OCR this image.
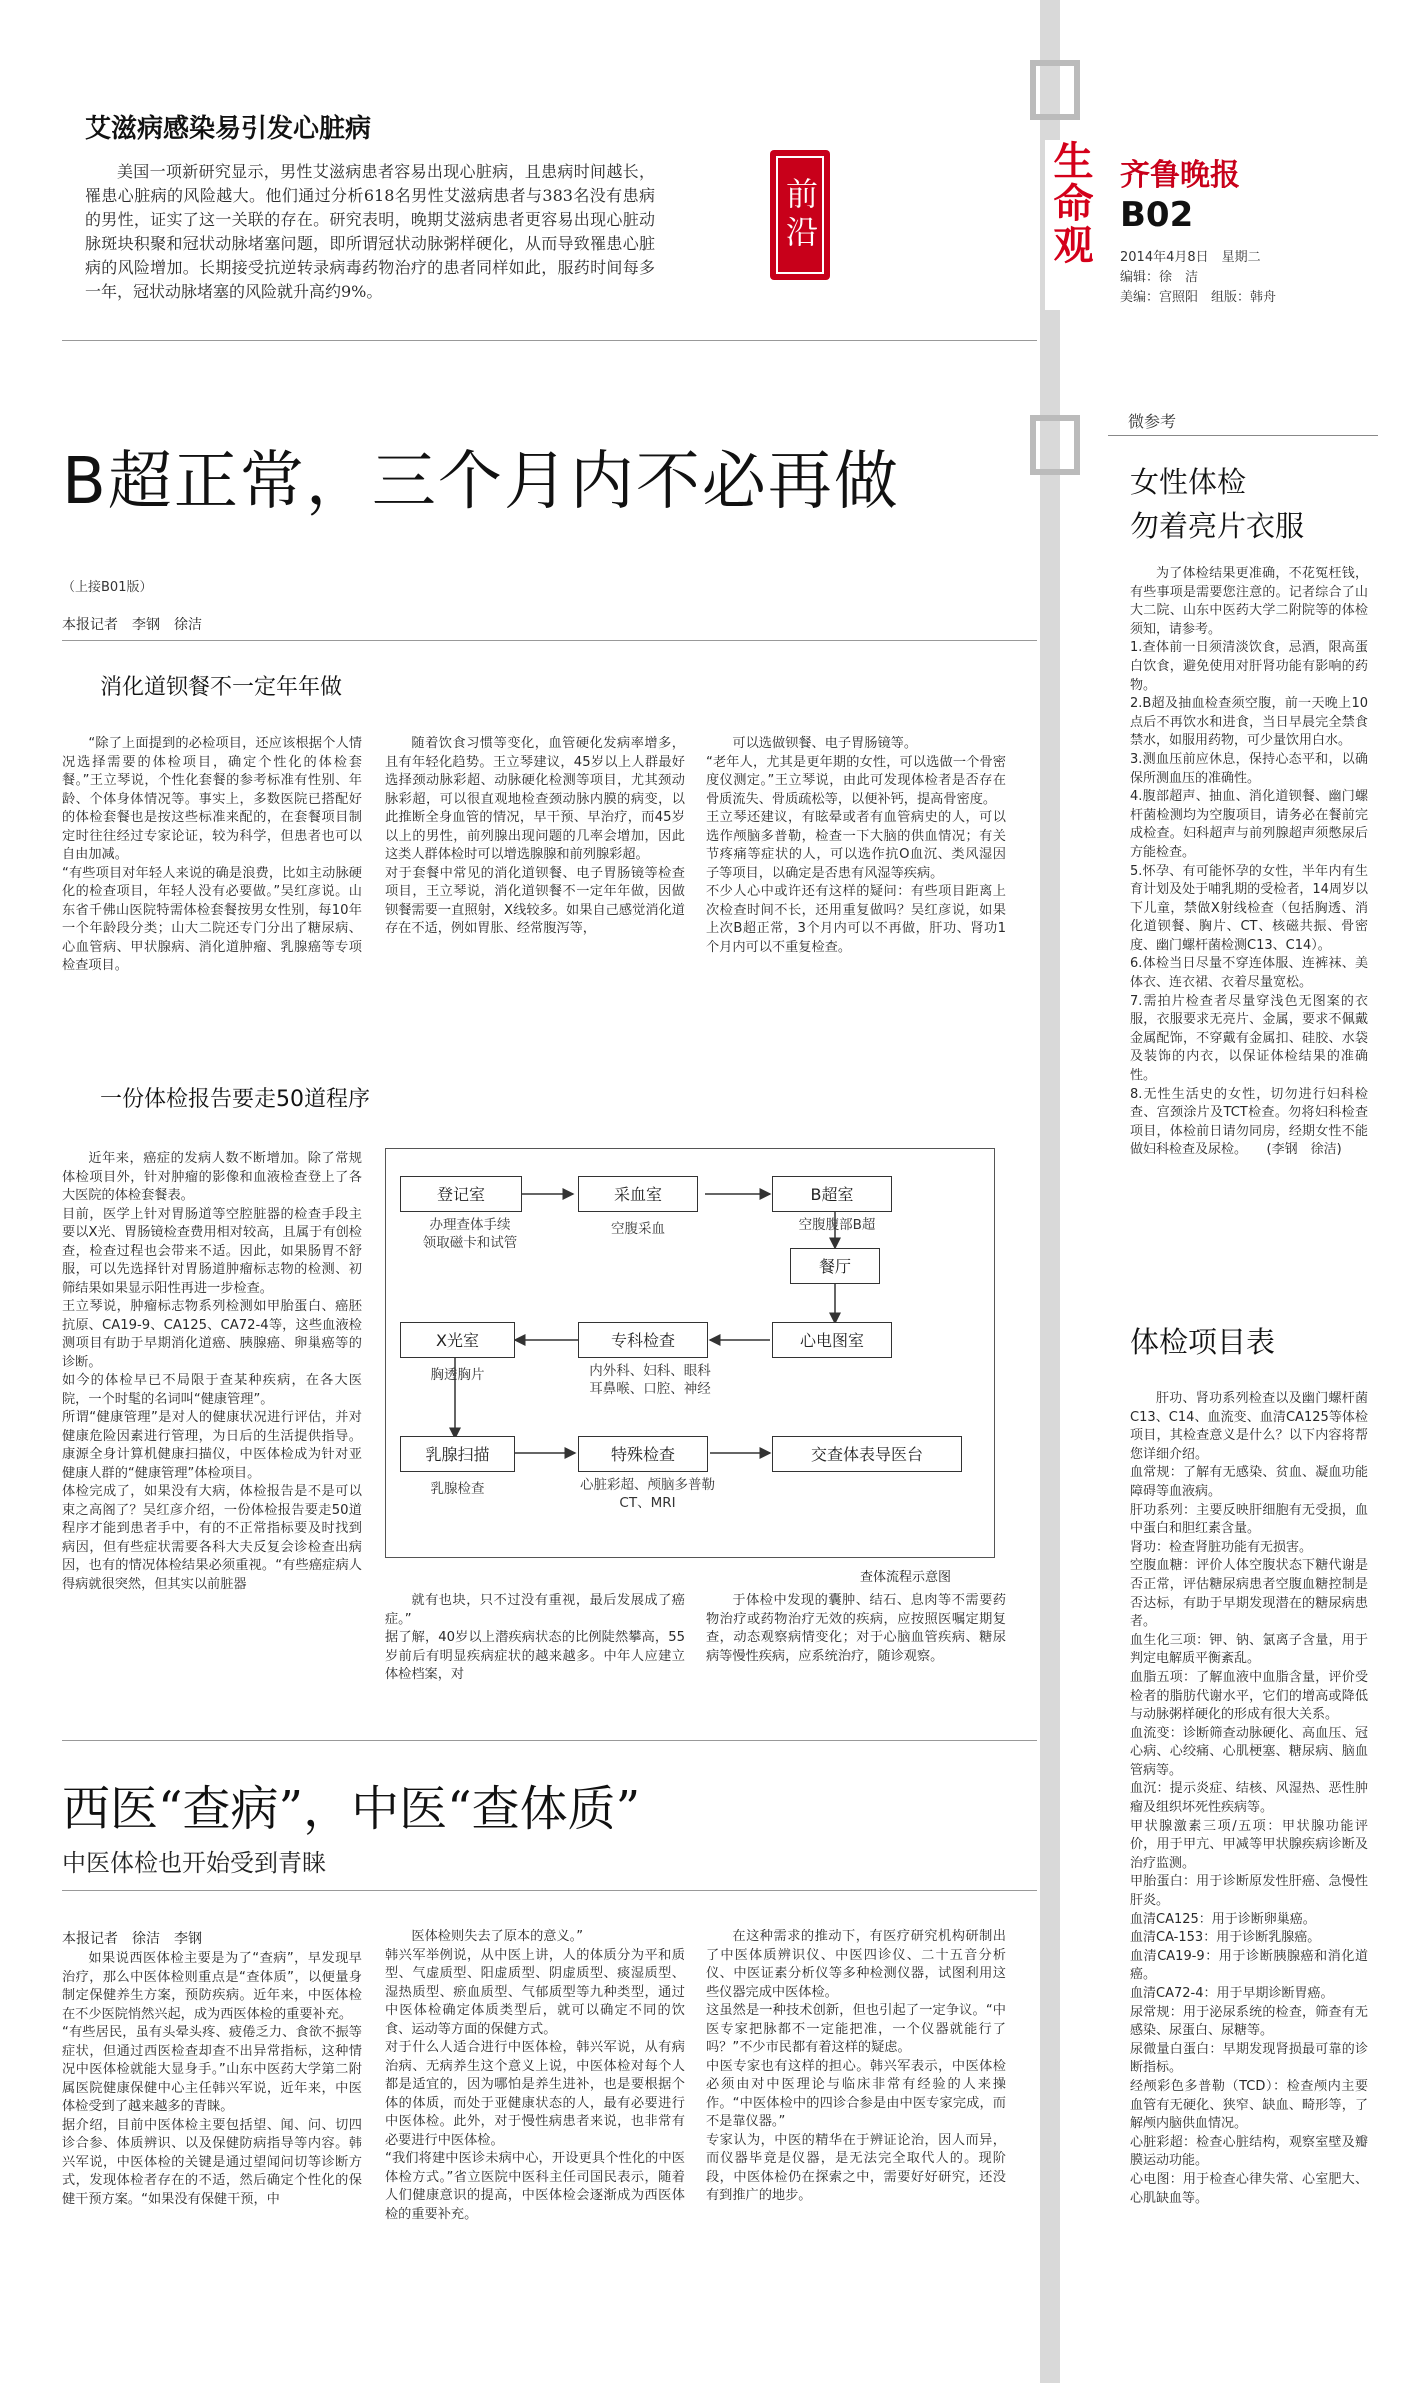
生命观 齐鲁晚报
B02
2014年4月8日　星期二
编辑：徐　洁
美编：宫照阳　组版：韩舟
前沿
艾滋病感染易引发心脏病

美国一项新研究显示，男性艾滋病患者容易出现心脏病，且患病时间越长，罹患心脏病的风险越大。他们通过分析618名男性艾滋病患者与383名没有患病的男性，证实了这一关联的存在。研究表明，晚期艾滋病患者更容易出现心脏动脉斑块积聚和冠状动脉堵塞问题，即所谓冠状动脉粥样硬化，从而导致罹患心脏病的风险增加。长期接受抗逆转录病毒药物治疗的患者同样如此，服药时间每多一年，冠状动脉堵塞的风险就升高约9%。

B超正常，三个月内不必再做
（上接B01版）
本报记者　李钢　徐洁
消化道钡餐不一定年年做
“除了上面提到的必检项目，还应该根据个人情况选择需要的体检项目，确定个性化的体检套餐。”王立琴说，个性化套餐的参考标准有性别、年龄、个体身体情况等。事实上，多数医院已搭配好的体检套餐也是按这些标准来配的，在套餐项目制定时往往经过专家论证，较为科学，但患者也可以自由加减。
“有些项目对年轻人来说的确是浪费，比如主动脉硬化的检查项目，年轻人没有必要做。”吴红彦说。山东省千佛山医院特需体检套餐按男女性别，每10年一个年龄段分类；山大二院还专门分出了糖尿病、心血管病、甲状腺病、消化道肿瘤、乳腺癌等专项检查项目。
随着饮食习惯等变化，血管硬化发病率增多，且有年轻化趋势。王立琴建议，45岁以上人群最好选择颈动脉彩超、动脉硬化检测等项目，尤其颈动脉彩超，可以很直观地检查颈动脉内膜的病变，以此推断全身血管的情况，早干预、早治疗，而45岁以上的男性，前列腺出现问题的几率会增加，因此这类人群体检时可以增选腺腺和前列腺彩超。
对于套餐中常见的消化道钡餐、电子胃肠镜等检查项目，王立琴说，消化道钡餐不一定年年做，因做钡餐需要一直照射，X线较多。如果自己感觉消化道存在不适，例如胃胀、经常腹泻等，
可以选做钡餐、电子胃肠镜等。
“老年人，尤其是更年期的女性，可以选做一个骨密度仪测定。”王立琴说，由此可发现体检者是否存在骨质流失、骨质疏松等，以便补钙，提高骨密度。
王立琴还建议，有眩晕或者有血管病史的人，可以选作颅脑多普勒，检查一下大脑的供血情况；有关节疼痛等症状的人，可以选作抗O血沉、类风湿因子等项目，以确定是否患有风湿等疾病。
不少人心中或许还有这样的疑问：有些项目距离上次检查时间不长，还用重复做吗？吴红彦说，如果上次B超正常，3个月内可以不再做，肝功、肾功1个月内可以不重复检查。
一份体检报告要走50道程序
近年来，癌症的发病人数不断增加。除了常规体检项目外，针对肿瘤的影像和血液检查登上了各大医院的体检套餐表。
目前，医学上针对胃肠道等空腔脏器的检查手段主要以X光、胃肠镜检查费用相对较高，且属于有创检查，检查过程也会带来不适。因此，如果肠胃不舒服，可以先选择针对胃肠道肿瘤标志物的检测、初筛结果如果显示阳性再进一步检查。
王立琴说，肿瘤标志物系列检测如甲胎蛋白、癌胚抗原、CA19-9、CA125、CA72-4等，这些血液检测项目有助于早期消化道癌、胰腺癌、卵巢癌等的诊断。
如今的体检早已不局限于查某种疾病，在各大医院，一个时髦的名词叫“健康管理”。
所谓“健康管理”是对人的健康状况进行评估，并对健康危险因素进行管理，为日后的生活提供指导。康源全身计算机健康扫描仪，中医体检成为针对亚健康人群的“健康管理”体检项目。
体检完成了，如果没有大病，体检报告是不是可以束之高阁了？吴红彦介绍，一份体检报告要走50道程序才能到患者手中，有的不正常指标要及时找到病因，但有些症状需要各科大夫反复会诊检查出病因，也有的情况体检结果必须重视。“有些癌症病人得病就很突然，但其实以前脏器
登记室	采血室	B超室
餐厅
心电图室
专科检查
X光室
乳腺扫描	特殊检查	交查体表导医台
办理查体手续
领取磁卡和试管
空腹采血	空腹腹部B超
内外科、妇科、眼科
耳鼻喉、口腔、神经
胸透胸片
乳腺检查	心脏彩超、颅脑多普勒
CT、MRI
查体流程示意图
就有也块，只不过没有重视，最后发展成了癌症。”
据了解，40岁以上潜疾病状态的比例陡然攀高，55岁前后有明显疾病症状的越来越多。中年人应建立体检档案，对
于体检中发现的囊肿、结石、息肉等不需要药物治疗或药物治疗无效的疾病，应按照医嘱定期复查，动态观察病情变化；对于心脑血管疾病、糖尿病等慢性疾病，应系统治疗，随诊观察。
西医“查病”，中医“查体质”
中医体检也开始受到青睐
本报记者　徐洁　李钢
如果说西医体检主要是为了“查病”，早发现早治疗，那么中医体检则重点是“查体质”，以便量身制定保健养生方案，预防疾病。近年来，中医体检在不少医院悄然兴起，成为西医体检的重要补充。
“有些居民，虽有头晕头疼、疲倦乏力、食欲不振等症状，但通过西医检查却查不出异常指标，这种情况中医体检就能大显身手。”山东中医药大学第二附属医院健康保健中心主任韩兴军说，近年来，中医体检受到了越来越多的青睐。
据介绍，目前中医体检主要包括望、闻、问、切四诊合参、体质辨识、以及保健防病指导等内容。韩兴军说，中医体检的关键是通过望闻问切等诊断方式，发现体检者存在的不适，然后确定个性化的保健干预方案。“如果没有保健干预，中
医体检则失去了原本的意义。”
韩兴军举例说，从中医上讲，人的体质分为平和质型、气虚质型、阳虚质型、阴虚质型、痰湿质型、湿热质型、瘀血质型、气郁质型等九种类型，通过中医体检确定体质类型后，就可以确定不同的饮食、运动等方面的保健方式。
对于什么人适合进行中医体检，韩兴军说，从有病治病、无病养生这个意义上说，中医体检对每个人都是适宜的，因为哪怕是养生进补，也是要根据个体的体质，而处于亚健康状态的人，最有必要进行中医体检。此外，对于慢性病患者来说，也非常有必要进行中医体检。
“我们将建中医诊未病中心，开设更具个性化的中医体检方式。”省立医院中医科主任司国民表示，随着人们健康意识的提高，中医体检会逐渐成为西医体检的重要补充。
在这种需求的推动下，有医疗研究机构研制出了中医体质辨识仪、中医四诊仪、二十五音分析仪、中医证素分析仪等多种检测仪器，试图利用这些仪器完成中医体检。
这虽然是一种技术创新，但也引起了一定争议。“中医专家把脉都不一定能把准，一个仪器就能行了吗？”不少市民都有着这样的疑虑。
中医专家也有这样的担心。韩兴军表示，中医体检必须由对中医理论与临床非常有经验的人来操作。“中医体检中的四诊合参是由中医专家完成，而不是靠仪器。”
专家认为，中医的精华在于辨证论治，因人而异，而仪器毕竟是仪器，是无法完全取代人的。现阶段，中医体检仍在探索之中，需要好好研究，还没有到推广的地步。
微参考
女性体检
勿着亮片衣服
为了体检结果更准确，不花冤枉钱，有些事项是需要您注意的。记者综合了山大二院、山东中医药大学二附院等的体检须知，请参考。
1.查体前一日须清淡饮食，忌酒，限高蛋白饮食，避免使用对肝肾功能有影响的药物。
2.B超及抽血检查须空腹，前一天晚上10点后不再饮水和进食，当日早晨完全禁食禁水，如服用药物，可少量饮用白水。
3.测血压前应休息，保持心态平和，以确保所测血压的准确性。
4.腹部超声、抽血、消化道钡餐、幽门螺杆菌检测均为空腹项目，请务必在餐前完成检查。妇科超声与前列腺超声须憋尿后方能检查。
5.怀孕、有可能怀孕的女性，半年内有生育计划及处于哺乳期的受检者，14周岁以下儿童，禁做X射线检查（包括胸透、消化道钡餐、胸片、CT、核磁共振、骨密度、幽门螺杆菌检测C13、C14）。
6.体检当日尽量不穿连体服、连裤袜、美体衣、连衣裙、衣着尽量宽松。
7.需拍片检查者尽量穿浅色无图案的衣服，衣服要求无亮片、金属，要求不佩戴金属配饰，不穿戴有金属扣、硅胶、水袋及装饰的内衣，以保证体检结果的准确性。
8.无性生活史的女性，切勿进行妇科检查、宫颈涂片及TCT检查。勿将妇科检查项目，体检前日请勿同房，经期女性不能做妇科检查及尿检。　　(李钢　徐洁)
体检项目表
肝功、肾功系列检查以及幽门螺杆菌C13、C14、血流变、血清CA125等体检项目，其检查意义是什么？以下内容将帮您详细介绍。
血常规：了解有无感染、贫血、凝血功能障碍等血液病。
肝功系列：主要反映肝细胞有无受损，血中蛋白和胆红素含量。
肾功：检查肾脏功能有无损害。
空腹血糖：评价人体空腹状态下糖代谢是否正常，评估糖尿病患者空腹血糖控制是否达标，有助于早期发现潜在的糖尿病患者。
血生化三项：钾、钠、氯离子含量，用于判定电解质平衡紊乱。
血脂五项：了解血液中血脂含量，评价受检者的脂肪代谢水平，它们的增高或降低与动脉粥样硬化的形成有很大关系。
血流变：诊断筛查动脉硬化、高血压、冠心病、心绞痛、心肌梗塞、糖尿病、脑血管病等。
血沉：提示炎症、结核、风湿热、恶性肿瘤及组织坏死性疾病等。
甲状腺激素三项/五项：甲状腺功能评价，用于甲亢、甲减等甲状腺疾病诊断及治疗监测。
甲胎蛋白：用于诊断原发性肝癌、急慢性肝炎。
血清CA125：用于诊断卵巢癌。
血清CA-153：用于诊断乳腺癌。
血清CA19-9：用于诊断胰腺癌和消化道癌。
血清CA72-4：用于早期诊断胃癌。
尿常规：用于泌尿系统的检查，筛查有无感染、尿蛋白、尿糖等。
尿微量白蛋白：早期发现肾损最可靠的诊断指标。
经颅彩色多普勒（TCD）：检查颅内主要血管有无硬化、狭窄、缺血、畸形等，了解颅内脑供血情况。
心脏彩超：检查心脏结构，观察室壁及瓣膜运动功能。
心电图：用于检查心律失常、心室肥大、心肌缺血等。
